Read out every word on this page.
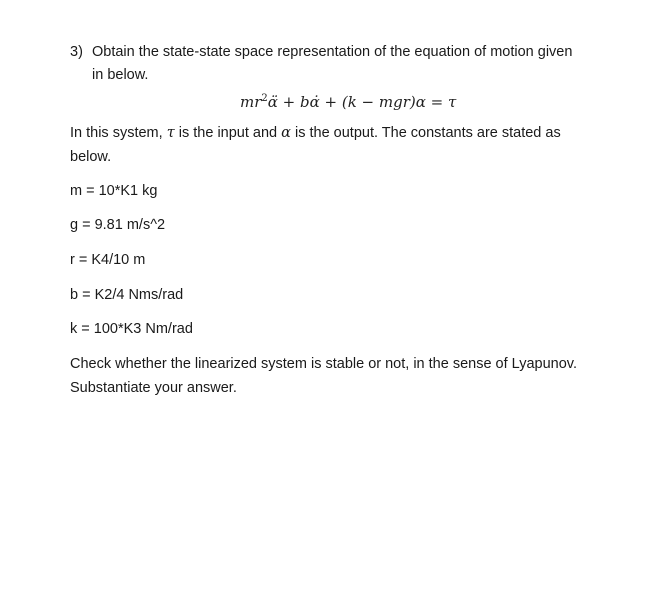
3) Obtain the state-state space representation of the equation of motion given
in below.
$mr^2\alphä$ + bα̇ + (k − mgr)α = τ
In this system, τ is the input and α is the output. The constants are stated as
below.
m = 10*K1 kg
g = 9.81 m/s^2
r = K4/10 m
b = K2/4 Nms/rad
k = 100*K3 Nm/rad
Check whether the linearized system is stable or not, in the sense of Lyapunov.
Substantiate your answer.
